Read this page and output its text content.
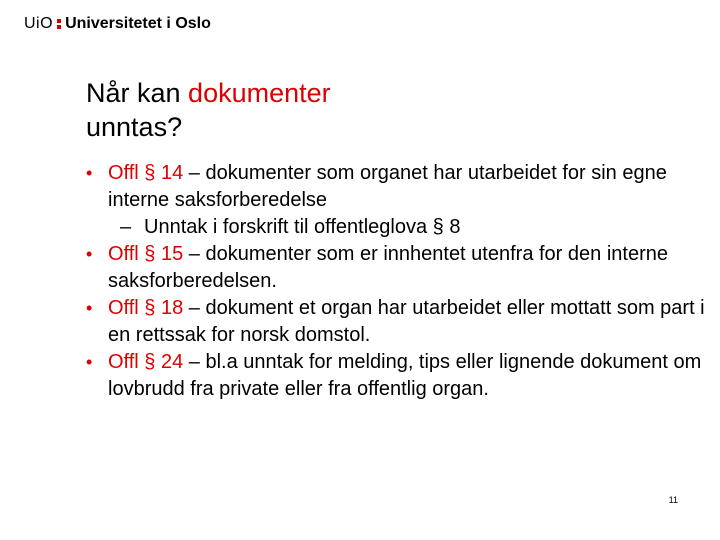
UiO Universitetet i Oslo
Når kan dokumenter
unntas?
• Offl § 14 – dokumenter som organet har utarbeidet for sin egne interne saksforberedelse
– Unntak i forskrift til offentleglova § 8
• Offl § 15 – dokumenter som er innhentet utenfra for den interne saksforberedelsen.
• Offl § 18 – dokument et organ har utarbeidet eller mottatt som part i en rettssak for norsk domstol.
• Offl § 24 – bl.a unntak for melding, tips eller lignende dokument om lovbrudd fra private eller fra offentlig organ.
11
